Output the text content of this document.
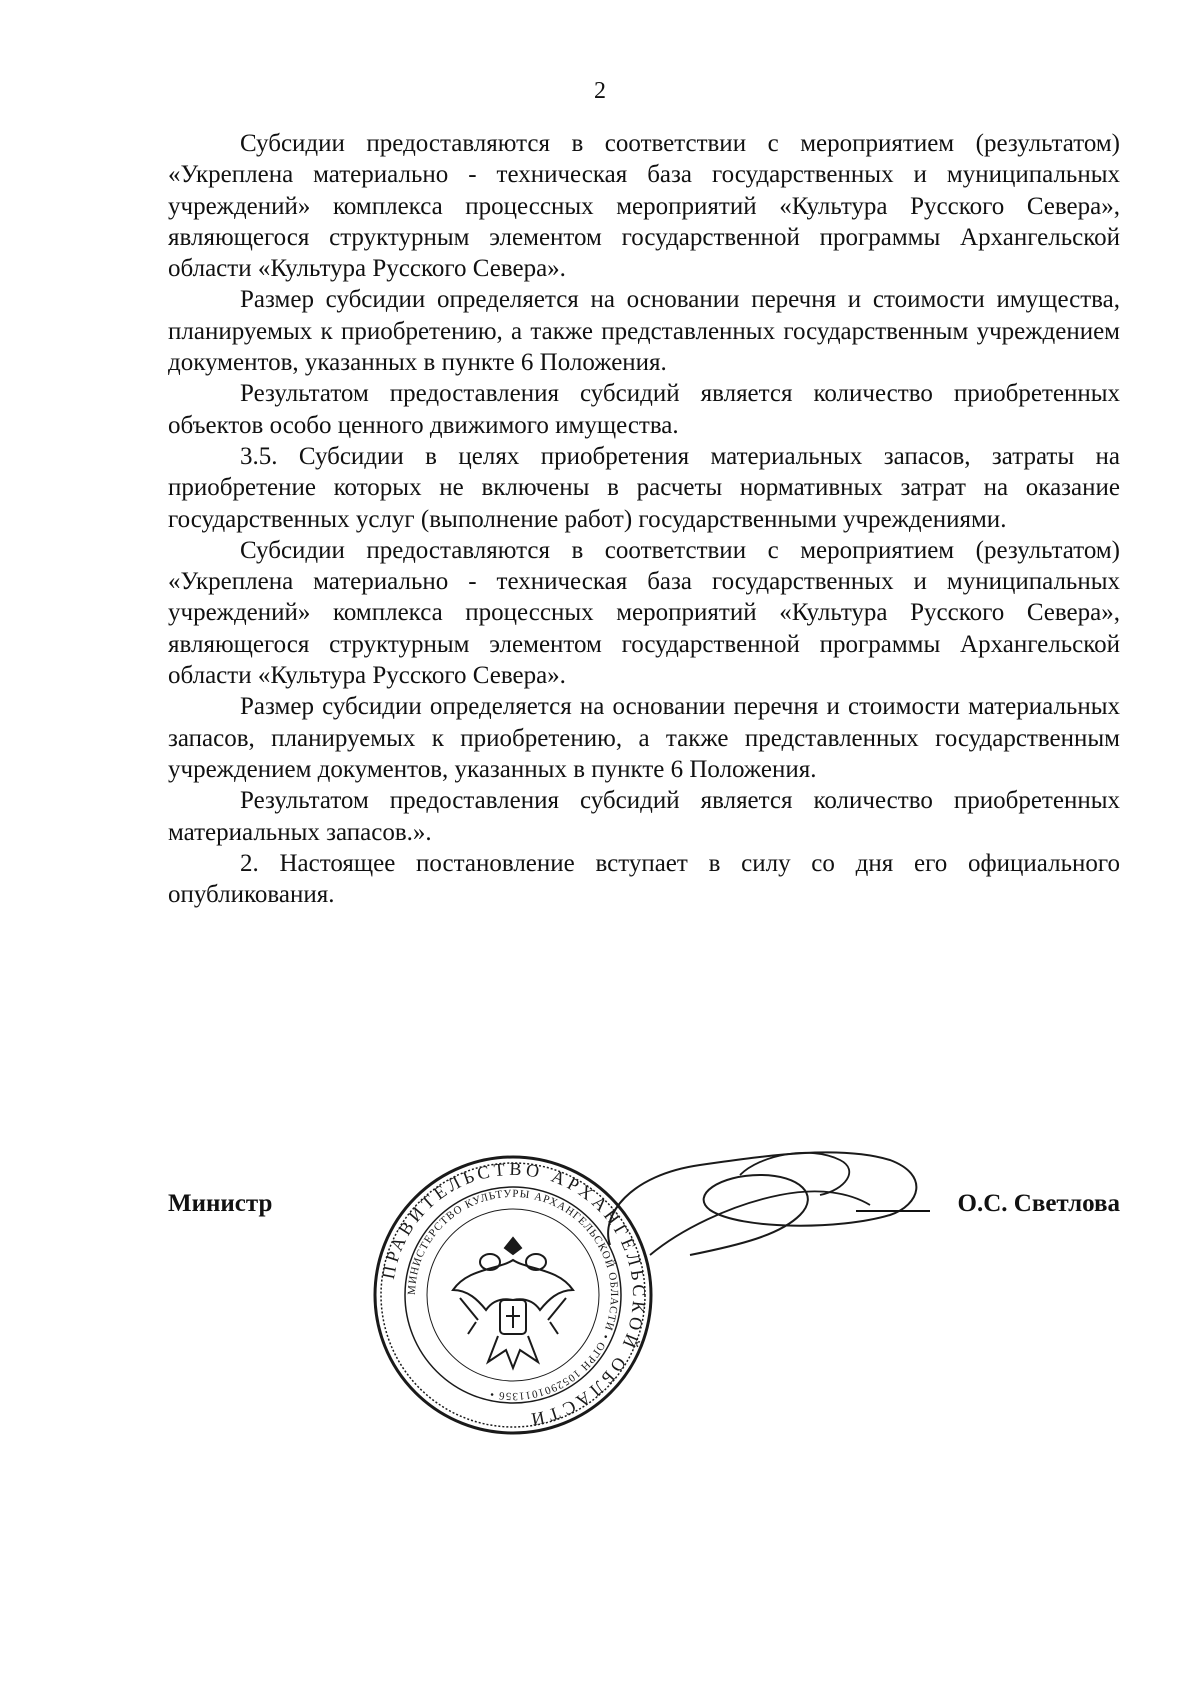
2

Субсидии предоставляются в соответствии с мероприятием (результатом) «Укреплена материально - техническая база государственных и муниципальных учреждений» комплекса процессных мероприятий «Культура Русского Севера», являющегося структурным элементом государственной программы Архангельской области «Культура Русского Севера».

Размер субсидии определяется на основании перечня и стоимости имущества, планируемых к приобретению, а также представленных государственным учреждением документов, указанных в пункте 6 Положения.

Результатом предоставления субсидий является количество приобретенных объектов особо ценного движимого имущества.

3.5. Субсидии в целях приобретения материальных запасов, затраты на приобретение которых не включены в расчеты нормативных затрат на оказание государственных услуг (выполнение работ) государственными учреждениями.

Субсидии предоставляются в соответствии с мероприятием (результатом) «Укреплена материально - техническая база государственных и муниципальных учреждений» комплекса процессных мероприятий «Культура Русского Севера», являющегося структурным элементом государственной программы Архангельской области «Культура Русского Севера».

Размер субсидии определяется на основании перечня и стоимости материальных запасов, планируемых к приобретению, а также представленных государственным учреждением документов, указанных в пункте 6 Положения.

Результатом предоставления субсидий является количество приобретенных материальных запасов.».

2. Настоящее постановление вступает в силу со дня его официального опубликования.

ПРАВИТЕЛЬСТВО АРХАНГЕЛЬСКОЙ ОБЛАСТИ
МИНИСТЕРСТВО КУЛЬТУРЫ АРХАНГЕЛЬСКОЙ ОБЛАСТИ • ОГРН 1052901011356 •
Министр	О.С. Светлова
